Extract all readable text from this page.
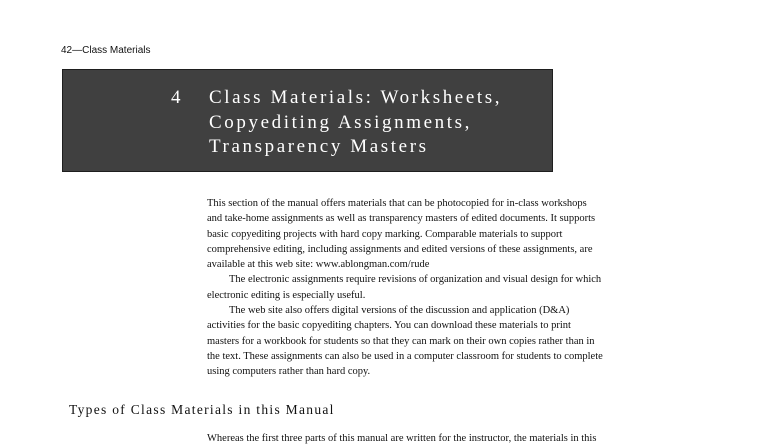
42—Class Materials
4 Class Materials: Worksheets,
Copyediting Assignments,
Transparency Masters

This section of the manual offers materials that can be photocopied for in-class workshops

and take-home assignments as well as transparency masters of edited documents. It supports

basic copyediting projects with hard copy marking. Comparable materials to support

comprehensive editing, including assignments and edited versions of these assignments, are

available at this web site: www.ablongman.com/rude

The electronic assignments require revisions of organization and visual design for which

electronic editing is especially useful.

The web site also offers digital versions of the discussion and application (D&A)

activities for the basic copyediting chapters. You can download these materials to print

masters for a workbook for students so that they can mark on their own copies rather than in

the text. These assignments can also be used in a computer classroom for students to complete

using computers rather than hard copy.

Types of Class Materials in this Manual
Whereas the first three parts of this manual are written for the instructor, the materials in this
